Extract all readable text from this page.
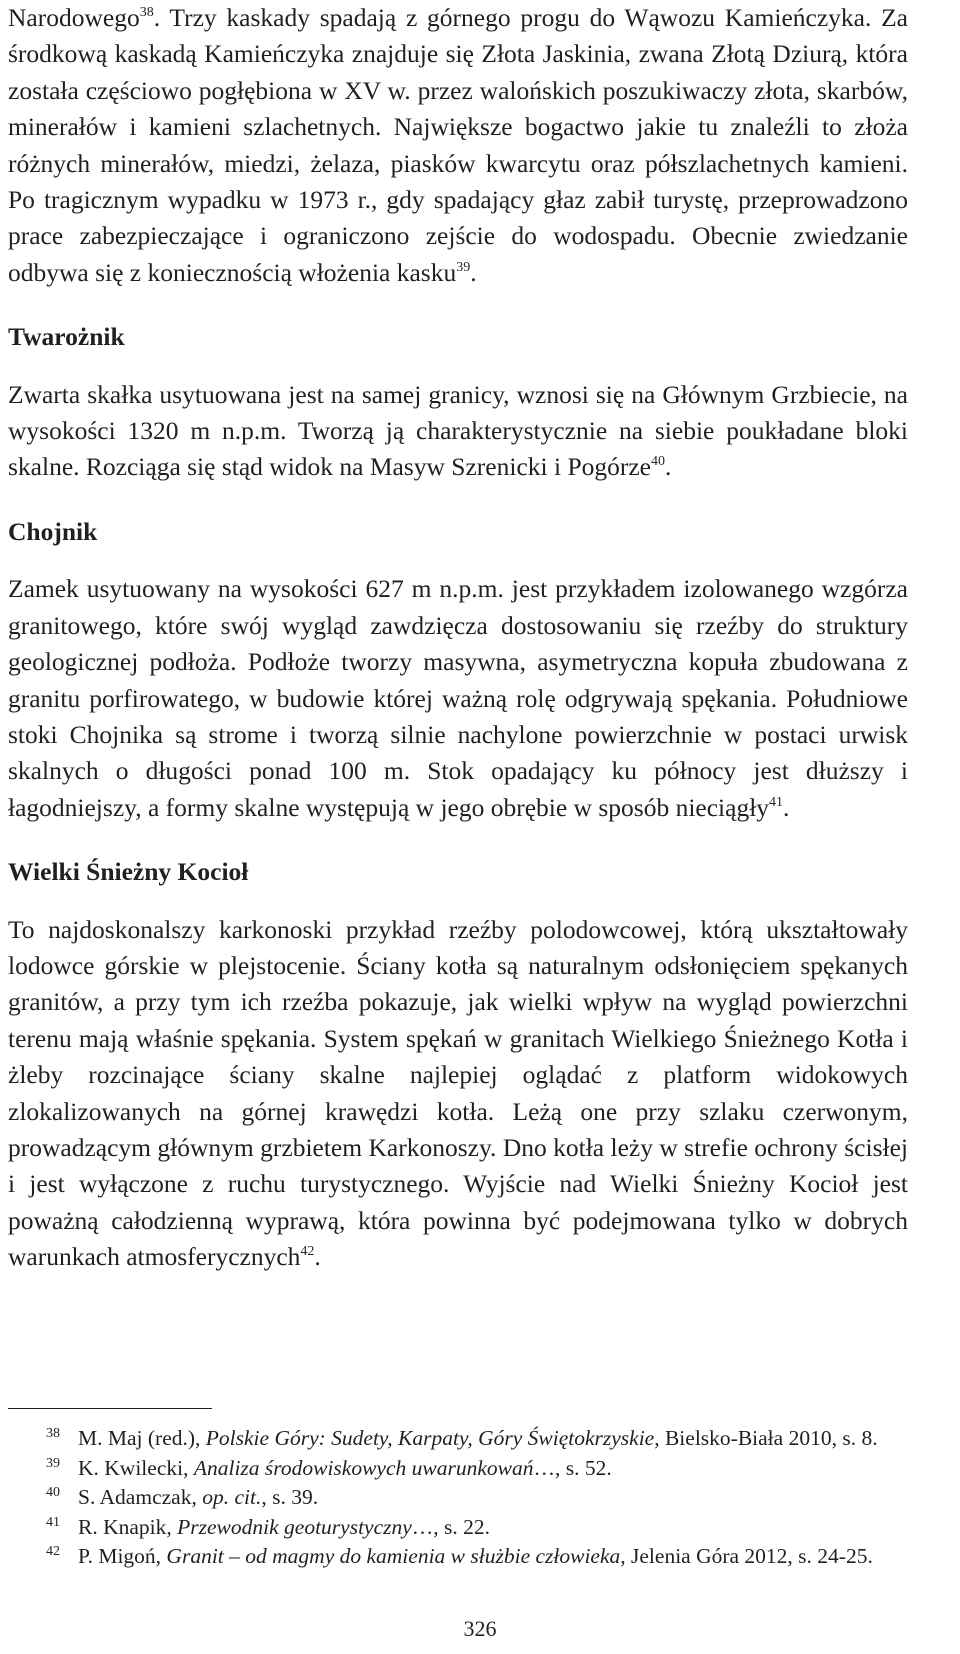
Narodowego$^{38}$. Trzy kaskady spadają z górnego progu do Wąwozu Kamieńczyka. Za środkową kaskadą Kamieńczyka znajduje się Złota Jaskinia, zwana Złotą Dziurą, która została częściowo pogłębiona w XV w. przez walońskich poszukiwaczy złota, skarbów, minerałów i kamieni szlachetnych. Największe bogactwo jakie tu znaleźli to złoża różnych minerałów, miedzi, żelaza, piasków kwarcytu oraz półszlachetnych kamieni. Po tragicznym wypadku w 1973 r., gdy spadający głaz zabił turystę, przeprowadzono prace zabezpieczające i ograniczono zejście do wodospadu. Obecnie zwiedzanie odbywa się z koniecznością włożenia kasku$^{39}$.

Twarożnik

Zwarta skałka usytuowana jest na samej granicy, wznosi się na Głównym Grzbiecie, na wysokości 1320 m n.p.m. Tworzą ją charakterystycznie na siebie poukładane bloki skalne. Rozciąga się stąd widok na Masyw Szrenicki i Pogórze$^{40}$.

Chojnik

Zamek usytuowany na wysokości 627 m n.p.m. jest przykładem izolowanego wzgórza granitowego, które swój wygląd zawdzięcza dostosowaniu się rzeźby do struktury geologicznej podłoża. Podłoże tworzy masywna, asymetryczna kopuła zbudowana z granitu porfirowatego, w budowie której ważną rolę odgrywają spękania. Południowe stoki Chojnika są strome i tworzą silnie nachylone powierzchnie w postaci urwisk skalnych o długości ponad 100 m. Stok opadający ku północy jest dłuższy i łagodniejszy, a formy skalne występują w jego obrębie w sposób nieciągły$^{41}$.

Wielki Śnieżny Kocioł

To najdoskonalszy karkonoski przykład rzeźby polodowcowej, którą ukształtowały lodowce górskie w plejstocenie. Ściany kotła są naturalnym odsłonięciem spękanych granitów, a przy tym ich rzeźba pokazuje, jak wielki wpływ na wygląd powierzchni terenu mają właśnie spękania. System spękań w granitach Wielkiego Śnieżnego Kotła i żleby rozcinające ściany skalne najlepiej oglądać z platform widokowych zlokalizowanych na górnej krawędzi kotła. Leżą one przy szlaku czerwonym, prowadzącym głównym grzbietem Karkonoszy. Dno kotła leży w strefie ochrony ścisłej i jest wyłączone z ruchu turystycznego. Wyjście nad Wielki Śnieżny Kocioł jest poważną całodzienną wyprawą, która powinna być podejmowana tylko w dobrych warunkach atmosferycznych$^{42}$.

38 M. Maj (red.), Polskie Góry: Sudety, Karpaty, Góry Świętokrzyskie, Bielsko-Biała 2010, s. 8.
39 K. Kwilecki, Analiza środowiskowych uwarunkowań…, s. 52.
40 S. Adamczak, op. cit., s. 39.
41 R. Knapik, Przewodnik geoturystyczny…, s. 22.
42 P. Migoń, Granit – od magmy do kamienia w służbie człowieka, Jelenia Góra 2012, s. 24-25.
326
